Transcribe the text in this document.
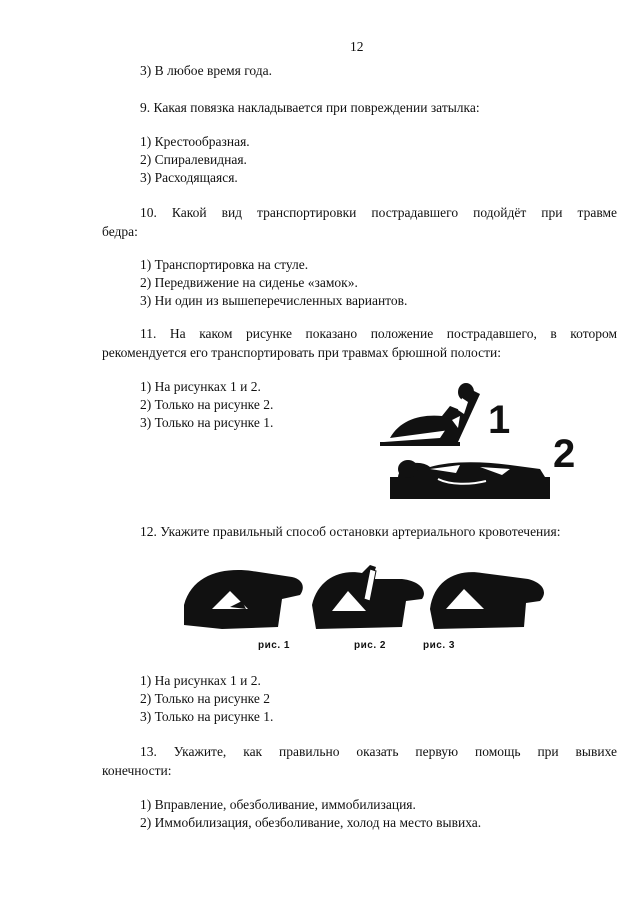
12
3) В любое время года.
9. Какая повязка накладывается при повреждении затылка:
1) Крестообразная.
2) Спиралевидная.
3) Расходящаяся.
10. Какой вид транспортировки пострадавшего подойдёт при травме
бедра:
1) Транспортировка на стуле.
2) Передвижение на сиденье «замок».
3) Ни один из вышеперечисленных вариантов.
11. На каком рисунке показано положение пострадавшего, в котором
рекомендуется его транспортировать при травмах брюшной полости:
1) На рисунках 1 и 2.
2) Только на рисунке 2.
3) Только на рисунке 1.	1
2
12. Укажите правильный способ остановки артериального кровотечения:
рис. 1	рис. 2	рис. 3
1) На рисунках 1 и 2.
2) Только на рисунке 2
3) Только на рисунке 1.
13. Укажите, как правильно оказать первую помощь при вывихе
конечности:
1) Вправление, обезболивание, иммобилизация.
2) Иммобилизация, обезболивание, холод на место вывиха.
